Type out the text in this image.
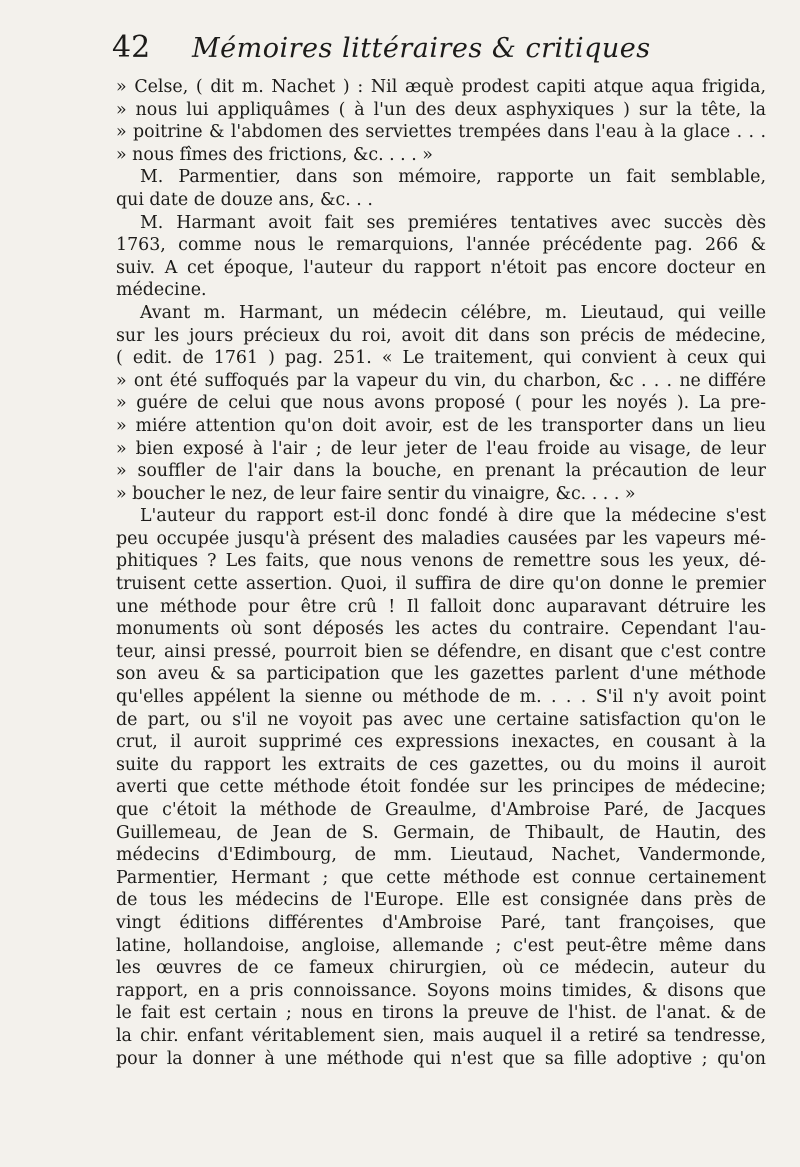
42	Mémoires littéraires & critiques
» Celse, ( dit m. Nachet ) : Nil æquè prodest capiti atque aqua frigida,
» nous lui appliquâmes ( à l'un des deux asphyxiques ) sur la tête, la
» poitrine & l'abdomen des serviettes trempées dans l'eau à la glace . . .
» nous fîmes des frictions, &c. . . . »
M. Parmentier, dans son mémoire, rapporte un fait semblable,
qui date de douze ans, &c. . .
M. Harmant avoit fait ses premiéres tentatives avec succès dès
1763, comme nous le remarquions, l'année précédente pag. 266 &
suiv. A cet époque, l'auteur du rapport n'étoit pas encore docteur en
médecine.
Avant m. Harmant, un médecin célébre, m. Lieutaud, qui veille
sur les jours précieux du roi, avoit dit dans son précis de médecine,
( edit. de 1761 ) pag. 251. « Le traitement, qui convient à ceux qui
» ont été suffoqués par la vapeur du vin, du charbon, &c . . . ne différe
» guére de celui que nous avons proposé ( pour les noyés ). La pre-
» miére attention qu'on doit avoir, est de les transporter dans un lieu
» bien exposé à l'air ; de leur jeter de l'eau froide au visage, de leur
» souffler de l'air dans la bouche, en prenant la précaution de leur
» boucher le nez, de leur faire sentir du vinaigre, &c. . . . »
L'auteur du rapport est-il donc fondé à dire que la médecine s'est
peu occupée jusqu'à présent des maladies causées par les vapeurs mé-
phitiques ? Les faits, que nous venons de remettre sous les yeux, dé-
truisent cette assertion. Quoi, il suffira de dire qu'on donne le premier
une méthode pour être crû ! Il falloit donc auparavant détruire les
monuments où sont déposés les actes du contraire. Cependant l'au-
teur, ainsi pressé, pourroit bien se défendre, en disant que c'est contre
son aveu & sa participation que les gazettes parlent d'une méthode
qu'elles appélent la sienne ou méthode de m. . . . S'il n'y avoit point
de part, ou s'il ne voyoit pas avec une certaine satisfaction qu'on le
crut, il auroit supprimé ces expressions inexactes, en cousant à la
suite du rapport les extraits de ces gazettes, ou du moins il auroit
averti que cette méthode étoit fondée sur les principes de médecine;
que c'étoit la méthode de Greaulme, d'Ambroise Paré, de Jacques
Guillemeau, de Jean de S. Germain, de Thibault, de Hautin, des
médecins d'Edimbourg, de mm. Lieutaud, Nachet, Vandermonde,
Parmentier, Hermant ; que cette méthode est connue certainement
de tous les médecins de l'Europe. Elle est consignée dans près de
vingt éditions différentes d'Ambroise Paré, tant françoises, que
latine, hollandoise, angloise, allemande ; c'est peut-être même dans
les œuvres de ce fameux chirurgien, où ce médecin, auteur du
rapport, en a pris connoissance. Soyons moins timides, & disons que
le fait est certain ; nous en tirons la preuve de l'hist. de l'anat. & de
la chir. enfant véritablement sien, mais auquel il a retiré sa tendresse,
pour la donner à une méthode qui n'est que sa fille adoptive ; qu'on
